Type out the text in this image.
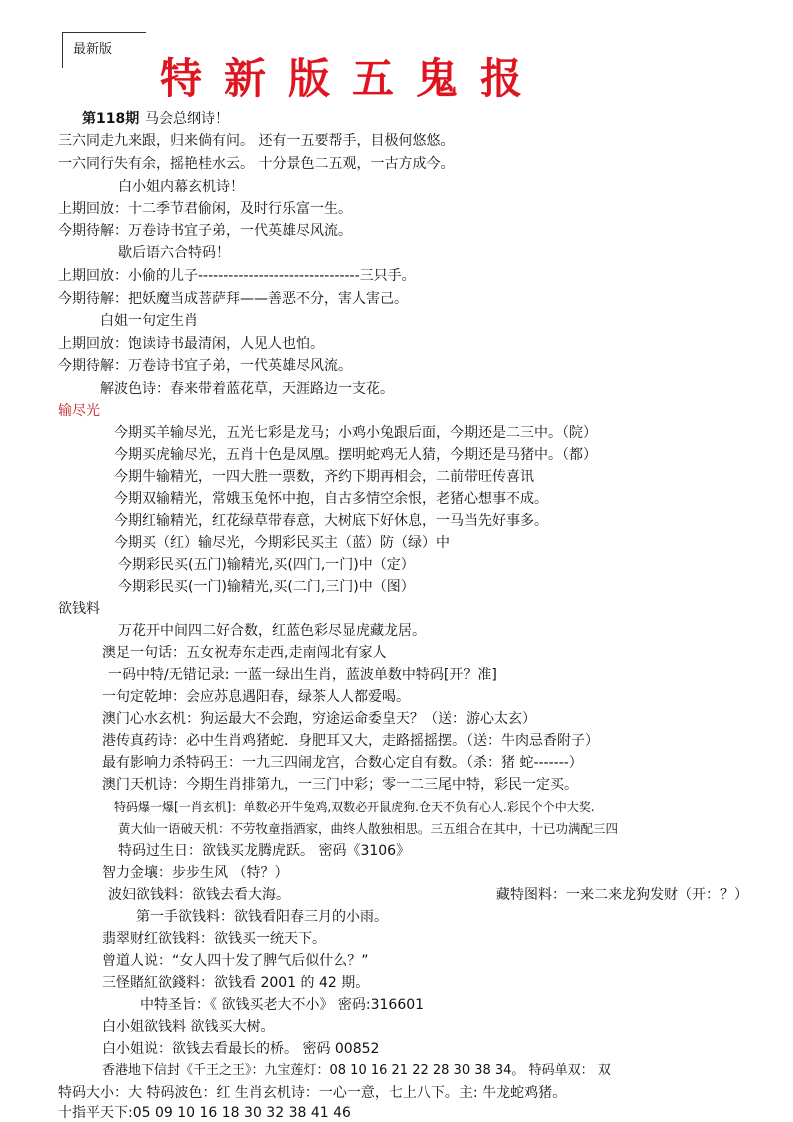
最新版
特新版五鬼报
第118期 马会总纲诗！
三六同走九来跟，归来倘有问。 还有一五要帮手，目极何悠悠。
一六同行失有余，摇艳桂水云。 十分景色二五观，一古方成今。
白小姐内幕玄机诗！
上期回放：十二季节君偷闲，及时行乐富一生。
今期待解：万卷诗书宜子弟，一代英雄尽风流。
歇后语六合特码！
上期回放：小偷的儿子--------------------------------三只手。
今期待解：把妖魔当成菩萨拜——善恶不分，害人害己。
白姐一句定生肖
上期回放：饱读诗书最清闲，人见人也怕。
今期待解：万卷诗书宜子弟，一代英雄尽风流。
解波色诗：春来带着蓝花草，天涯路边一支花。
输尽光
今期买羊输尽光，五光七彩是龙马；小鸡小兔跟后面，今期还是二三中。（院）
今期买虎输尽光，五肖十色是凤凰。摆明蛇鸡无人猜，今期还是马猪中。（都）
今期牛输精光，一四大胜一票数，齐约下期再相会，二前带旺传喜讯
今期双输精光，常娥玉兔怀中抱，自古多情空余恨，老猪心想事不成。
今期红输精光，红花绿草带春意，大树底下好休息，一马当先好事多。
今期买（红）输尽光，今期彩民买主（蓝）防（绿）中
今期彩民买(五门)输精光,买(四门,一门)中（定）
今期彩民买(一门)输精光,买(二门,三门)中（图）
欲钱料
万花开中间四二好合数，红蓝色彩尽显虎藏龙居。
澳足一句话：五女祝寿东走西,走南闯北有家人
一码中特/无错记录: 一蓝一绿出生肖，蓝波单数中特码[开？准]
一句定乾坤：会应苏息遇阳春，绿茶人人都爱喝。
澳门心水玄机：狗运最大不会跑，穷途运命委皇天？（送：游心太玄）
港传真药诗：必中生肖鸡猪蛇．身肥耳又大，走路摇摇摆。（送：牛肉忌香附子）
最有影响力杀特码王：一九三四闹龙宫，合数心定自有数。（杀：猪 蛇-------）
澳门天机诗：今期生肖排第九，一三门中彩；零一二三尾中特，彩民一定买。
特码爆一爆[一肖玄机]：单数必开牛兔鸡,双数必开鼠虎狗.仓天不负有心人.彩民个个中大奖.
黄大仙一语破天机：不劳牧童指酒家，曲终人散独相思。三五组合在其中，十已功满配三四
特码过生日：欲钱买龙腾虎跃。 密码《3106》
智力金壤：步步生风 （特？）
波妇欲钱料：欲钱去看大海。	藏特图料：一来二来龙狗发财（开：？）
第一手欲钱料：欲钱看阳春三月的小雨。
翡翠财红欲钱料：欲钱买一统天下。
曾道人说：“女人四十发了脾气后似什么？”
三怪賭紅欲錢料：欲钱看 2001 的 42 期。
中特圣旨：《 欲钱买老大不小》 密码:316601
白小姐欲钱料 欲钱买大树。
白小姐说：欲钱去看最长的桥。 密码 00852
香港地下信封《千王之王》：九宝莲灯：08 10 16 21 22 28 30 38 34。 特码单双： 双
特码大小：大 特码波色：红 生肖玄机诗：一心一意，七上八下。主: 牛龙蛇鸡猪。
十指平天下:05 09 10 16 18 30 32 38 41 46
